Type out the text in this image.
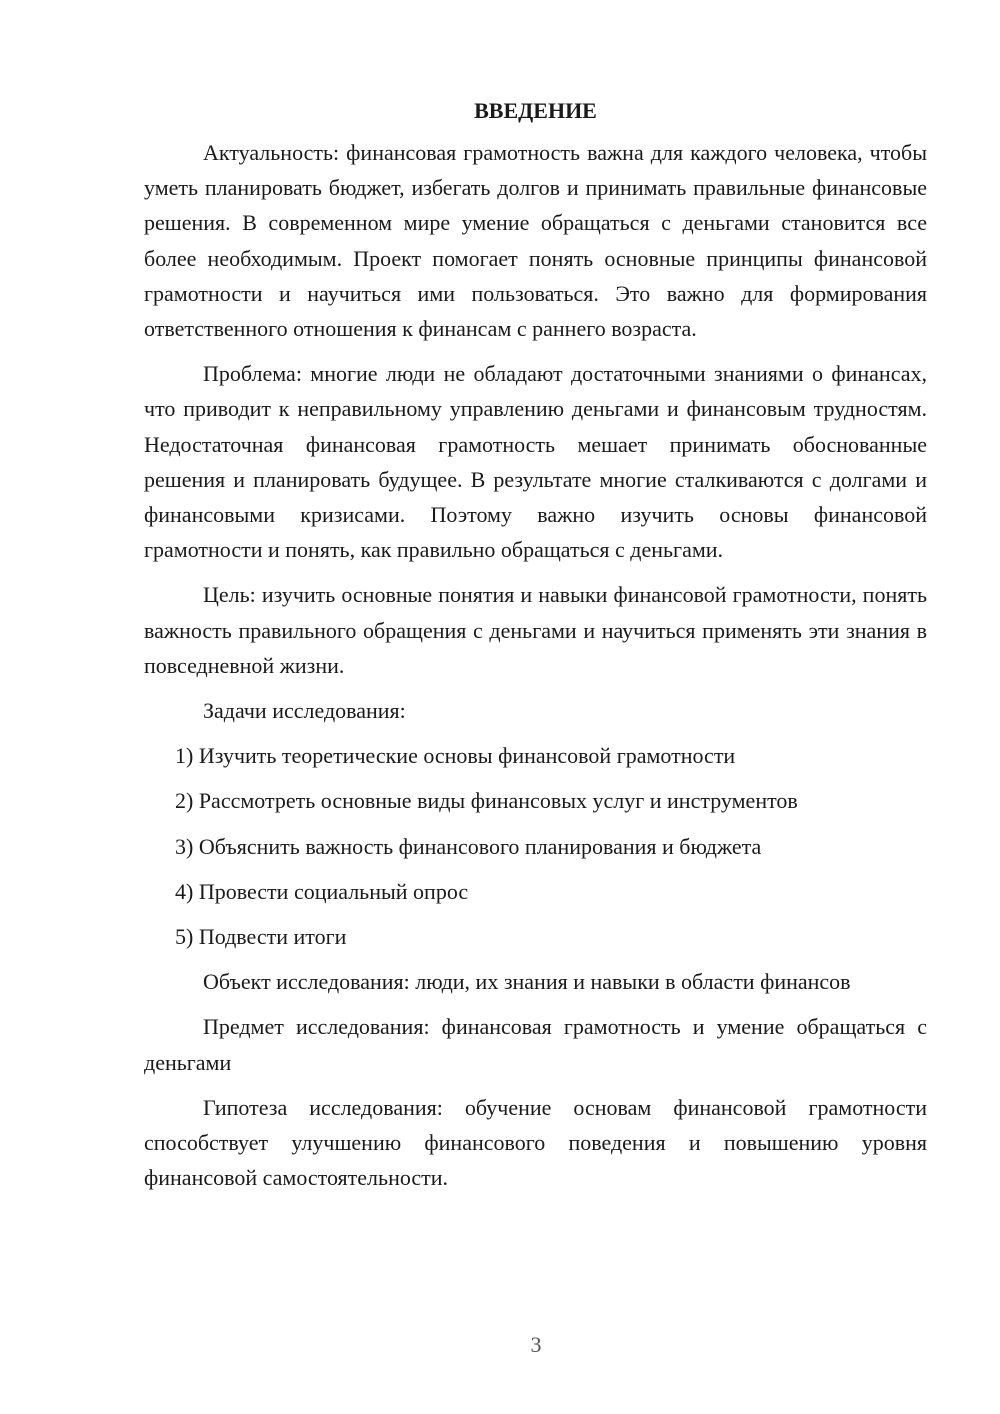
ВВЕДЕНИЕ

Актуальность: финансовая грамотность важна для каждого человека, чтобы уметь планировать бюджет, избегать долгов и принимать правильные финансовые решения. В современном мире умение обращаться с деньгами становится все более необходимым. Проект помогает понять основные принципы финансовой грамотности и научиться ими пользоваться. Это важно для формирования ответственного отношения к финансам с раннего возраста.

Проблема: многие люди не обладают достаточными знаниями о финансах, что приводит к неправильному управлению деньгами и финансовым трудностям. Недостаточная финансовая грамотность мешает принимать обоснованные решения и планировать будущее. В результате многие сталкиваются с долгами и финансовыми кризисами. Поэтому важно изучить основы финансовой грамотности и понять, как правильно обращаться с деньгами.

Цель: изучить основные понятия и навыки финансовой грамотности, понять важность правильного обращения с деньгами и научиться применять эти знания в повседневной жизни.

Задачи исследования:

1) Изучить теоретические основы финансовой грамотности
2) Рассмотреть основные виды финансовых услуг и инструментов
3) Объяснить важность финансового планирования и бюджета
4) Провести социальный опрос
5) Подвести итоги

Объект исследования: люди, их знания и навыки в области финансов

Предмет исследования: финансовая грамотность и умение обращаться с деньгами

Гипотеза исследования: обучение основам финансовой грамотности способствует улучшению финансового поведения и повышению уровня финансовой самостоятельности.

3
